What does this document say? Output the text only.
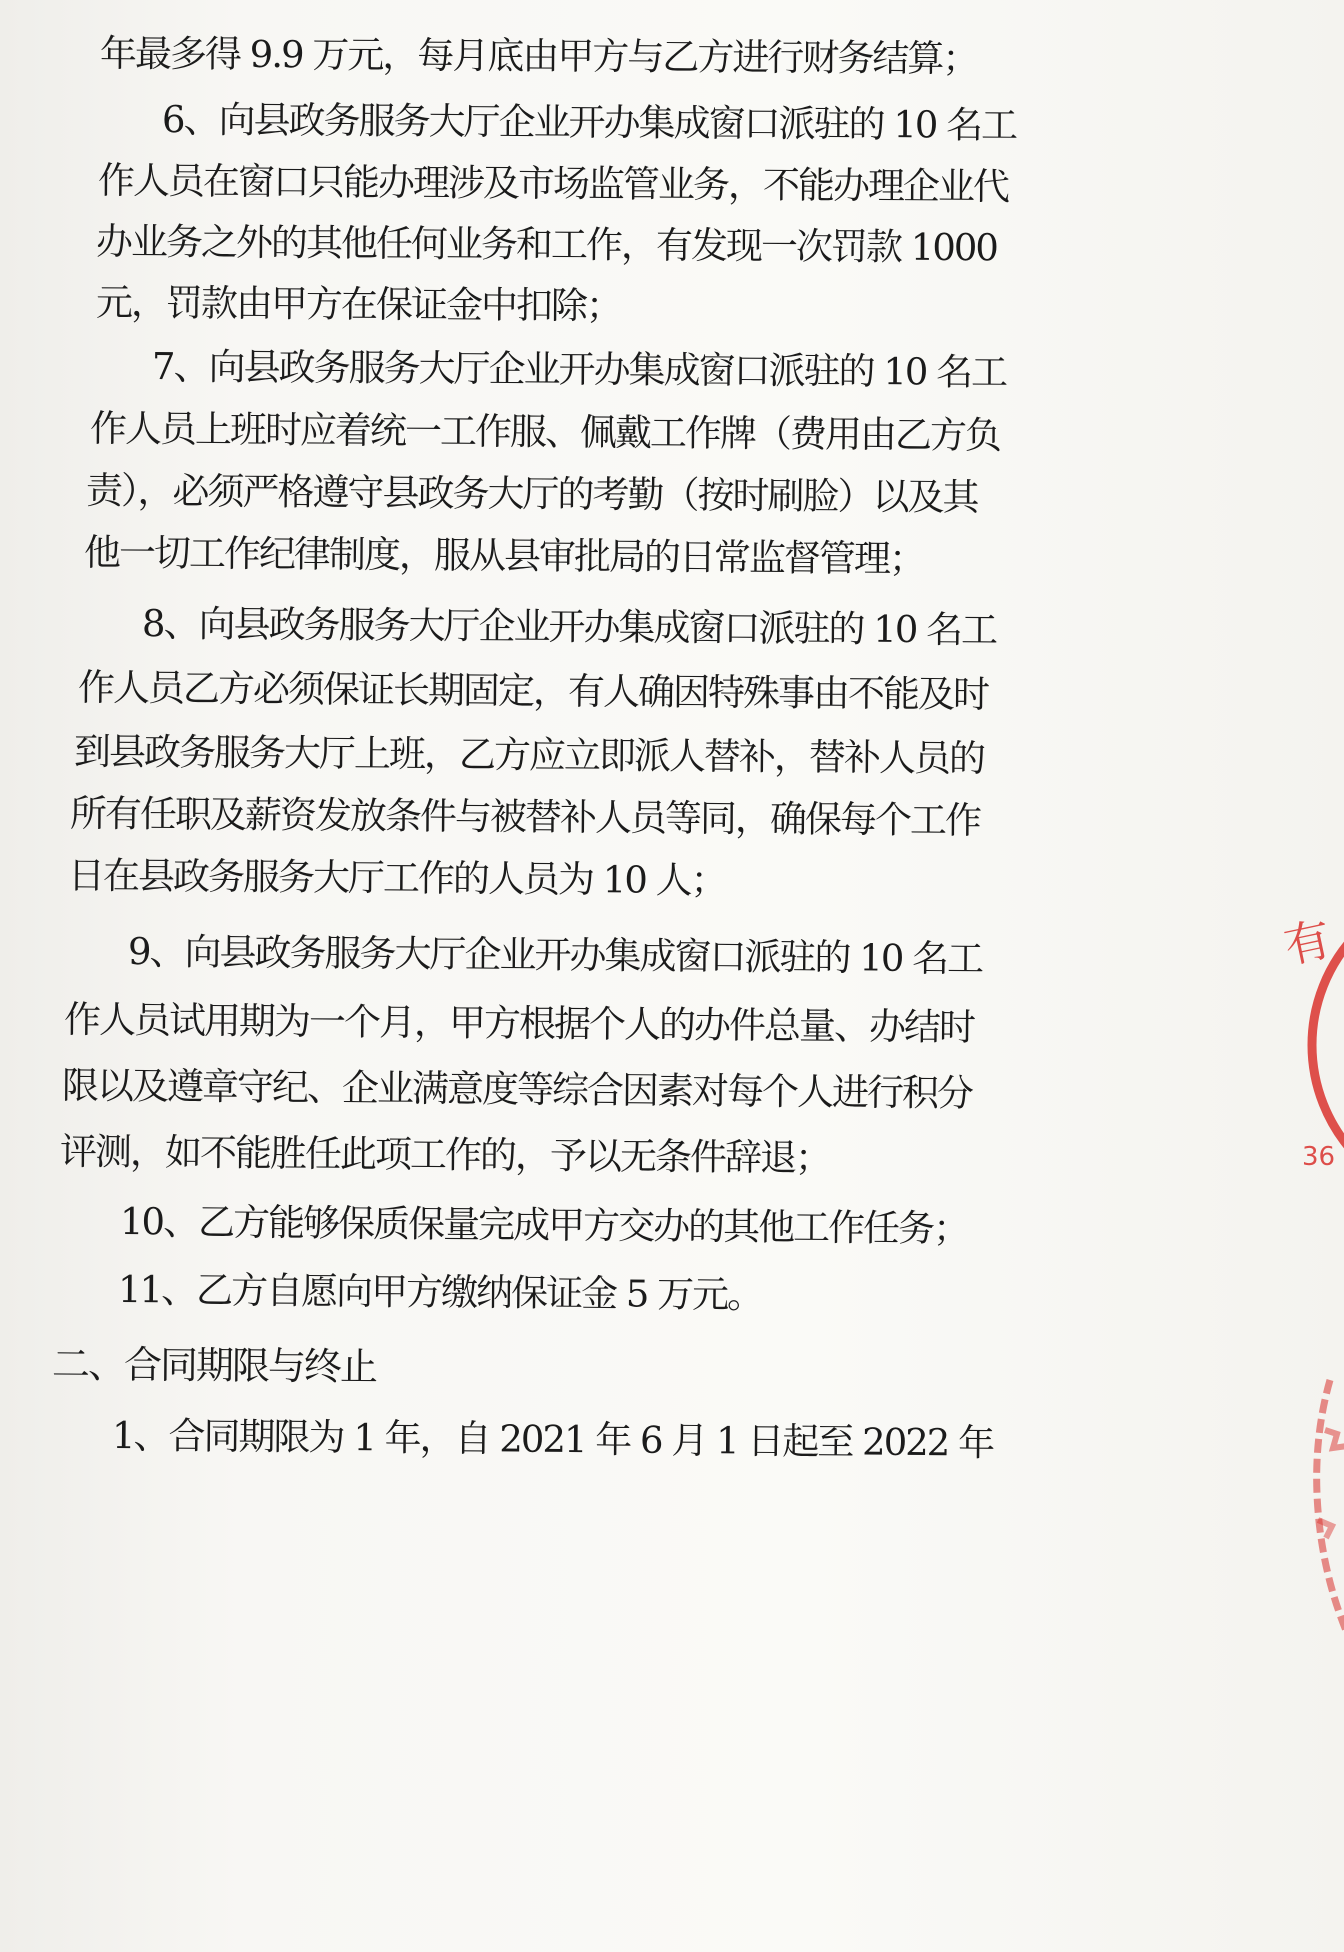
年最多得 9.9 万元，每月底由甲方与乙方进行财务结算；
6、向县政务服务大厅企业开办集成窗口派驻的 10 名工
作人员在窗口只能办理涉及市场监管业务，不能办理企业代
办业务之外的其他任何业务和工作，有发现一次罚款 1000
元，罚款由甲方在保证金中扣除；
7、向县政务服务大厅企业开办集成窗口派驻的 10 名工
作人员上班时应着统一工作服、佩戴工作牌（费用由乙方负
责），必须严格遵守县政务大厅的考勤（按时刷脸）以及其
他一切工作纪律制度，服从县审批局的日常监督管理；
8、向县政务服务大厅企业开办集成窗口派驻的 10 名工
作人员乙方必须保证长期固定，有人确因特殊事由不能及时
到县政务服务大厅上班，乙方应立即派人替补，替补人员的
所有任职及薪资发放条件与被替补人员等同，确保每个工作
日在县政务服务大厅工作的人员为 10 人；
9、向县政务服务大厅企业开办集成窗口派驻的 10 名工
作人员试用期为一个月，甲方根据个人的办件总量、办结时
限以及遵章守纪、企业满意度等综合因素对每个人进行积分
评测，如不能胜任此项工作的，予以无条件辞退；
10、乙方能够保质保量完成甲方交办的其他工作任务；
11、乙方自愿向甲方缴纳保证金 5 万元。
二、合同期限与终止
1、合同期限为 1 年，自 2021 年 6 月 1 日起至 2022 年
有
36
